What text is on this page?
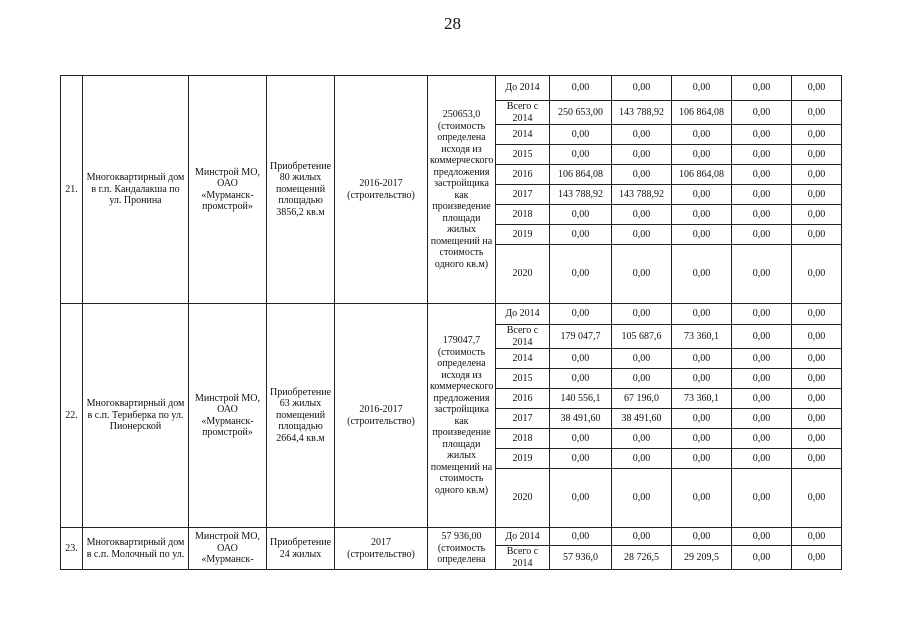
28
21.	Многоквартирный дом в г.п. Кандалакша по ул. Пронина	Минстрой МО, ОАО «Мурманск-промстрой»	Приобретение 80 жилых помещений площадью 3856,2 кв.м	2016-2017 (строительство)	250653,0 (стоимость определена исходя из коммерческого предложения застройщика как произведение площади жилых помещений на стоимость одного кв.м)	До 2014	0,00	0,00	0,00	0,00	0,00
						Всего с 2014	250 653,00	143 788,92	106 864,08	0,00	0,00
						2014	0,00	0,00	0,00	0,00	0,00
						2015	0,00	0,00	0,00	0,00	0,00
						2016	106 864,08	0,00	106 864,08	0,00	0,00
						2017	143 788,92	143 788,92	0,00	0,00	0,00
						2018	0,00	0,00	0,00	0,00	0,00
						2019	0,00	0,00	0,00	0,00	0,00
						2020	0,00	0,00	0,00	0,00	0,00
22.	Многоквартирный дом в с.п. Териберка по ул. Пионерской	Минстрой МО, ОАО «Мурманск-промстрой»	Приобретение 63 жилых помещений площадью 2664,4 кв.м	2016-2017 (строительство)	179047,7 (стоимость определена исходя из коммерческого предложения застройщика как произведение площади жилых помещений на стоимость одного кв.м)	До 2014	0,00	0,00	0,00	0,00	0,00
						Всего с 2014	179 047,7	105 687,6	73 360,1	0,00	0,00
						2014	0,00	0,00	0,00	0,00	0,00
						2015	0,00	0,00	0,00	0,00	0,00
						2016	140 556,1	67 196,0	73 360,1	0,00	0,00
						2017	38 491,60	38 491,60	0,00	0,00	0,00
						2018	0,00	0,00	0,00	0,00	0,00
						2019	0,00	0,00	0,00	0,00	0,00
						2020	0,00	0,00	0,00	0,00	0,00
23.	Многоквартирный дом в с.п. Молочный по ул.	Минстрой МО, ОАО «Мурманск-	Приобретение 24 жилых	2017 (строительство)	57 936,00 (стоимость определена	До 2014	0,00	0,00	0,00	0,00	0,00
						Всего с 2014	57 936,0	28 726,5	29 209,5	0,00	0,00
